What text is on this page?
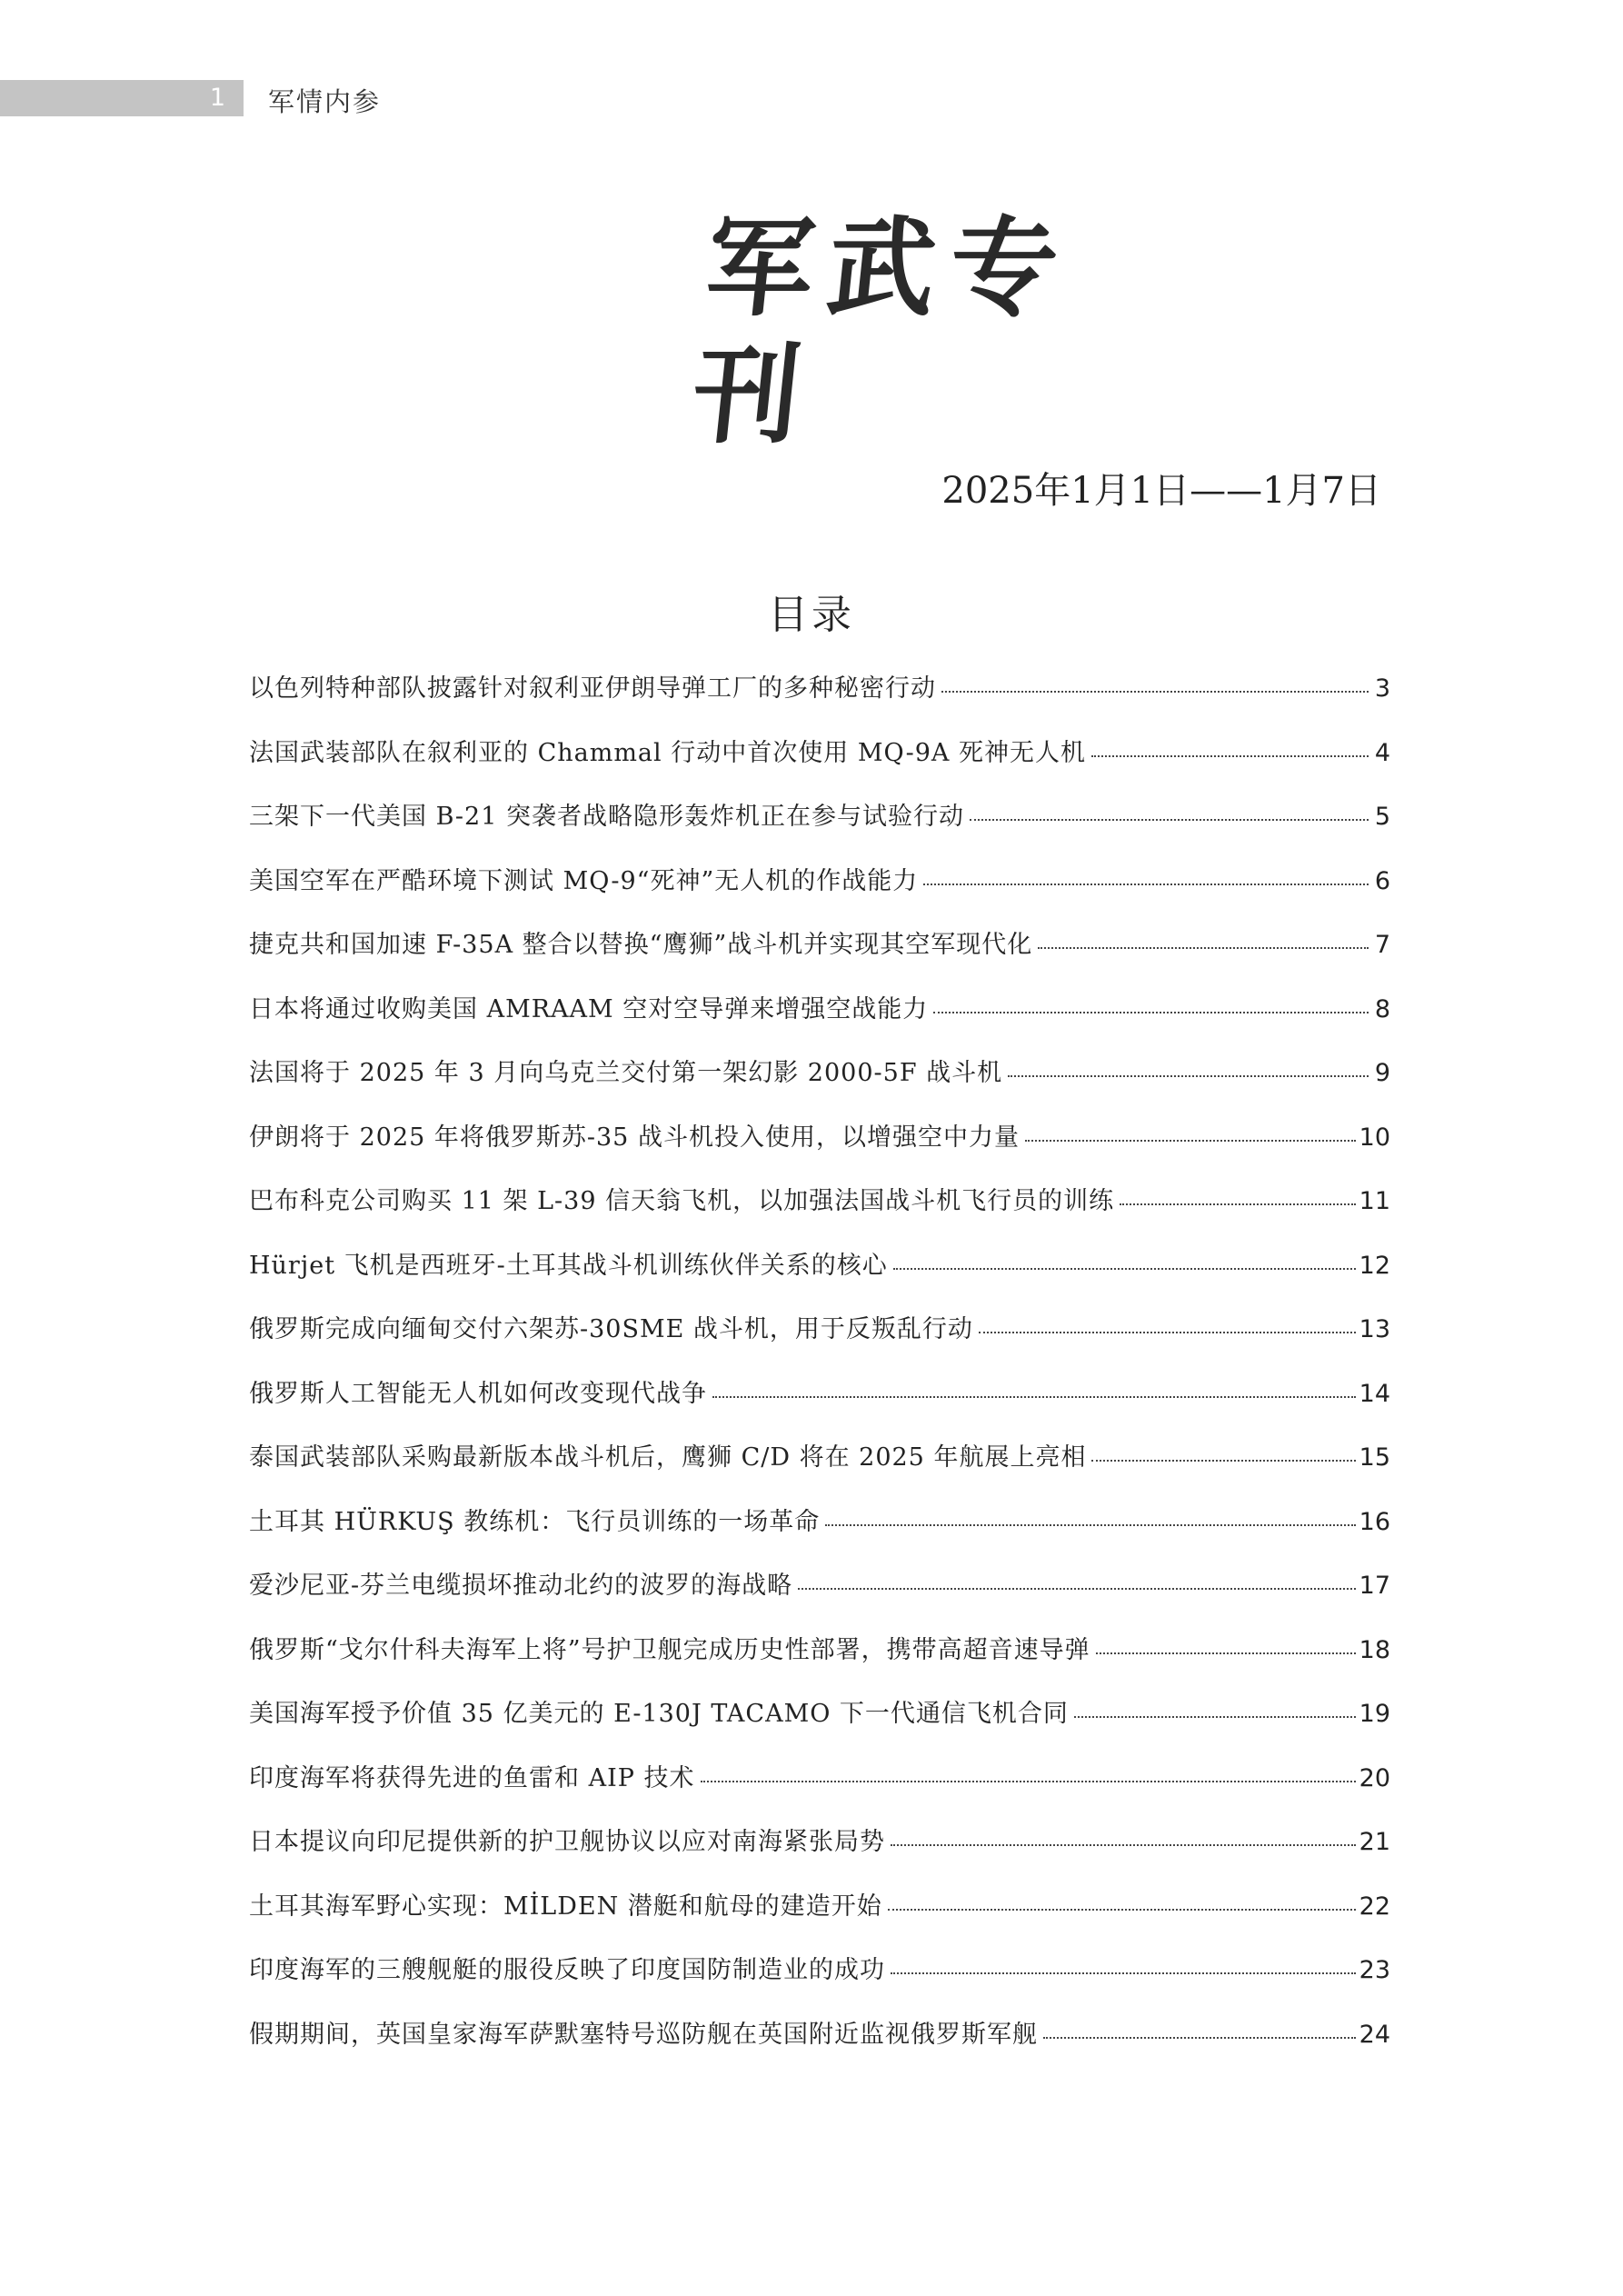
1 军情内参
军武专刊
2025年1月1日——1月7日
目录
以色列特种部队披露针对叙利亚伊朗导弹工厂的多种秘密行动	3
法国武装部队在叙利亚的 Chammal 行动中首次使用 MQ-9A 死神无人机	4
三架下一代美国 B-21 突袭者战略隐形轰炸机正在参与试验行动	5
美国空军在严酷环境下测试 MQ-9“死神”无人机的作战能力	6
捷克共和国加速 F-35A 整合以替换“鹰狮”战斗机并实现其空军现代化	7
日本将通过收购美国 AMRAAM 空对空导弹来增强空战能力	8
法国将于 2025 年 3 月向乌克兰交付第一架幻影 2000-5F 战斗机	9
伊朗将于 2025 年将俄罗斯苏-35 战斗机投入使用，以增强空中力量	10
巴布科克公司购买 11 架 L-39 信天翁飞机，以加强法国战斗机飞行员的训练	11
Hürjet 飞机是西班牙-土耳其战斗机训练伙伴关系的核心	12
俄罗斯完成向缅甸交付六架苏-30SME 战斗机，用于反叛乱行动	13
俄罗斯人工智能无人机如何改变现代战争	14
泰国武装部队采购最新版本战斗机后，鹰狮 C/D 将在 2025 年航展上亮相	15
土耳其 HÜRKUŞ 教练机：飞行员训练的一场革命	16
爱沙尼亚-芬兰电缆损坏推动北约的波罗的海战略	17
俄罗斯“戈尔什科夫海军上将”号护卫舰完成历史性部署，携带高超音速导弹	18
美国海军授予价值 35 亿美元的 E-130J TACAMO 下一代通信飞机合同	19
印度海军将获得先进的鱼雷和 AIP 技术	20
日本提议向印尼提供新的护卫舰协议以应对南海紧张局势	21
土耳其海军野心实现：MİLDEN 潜艇和航母的建造开始	22
印度海军的三艘舰艇的服役反映了印度国防制造业的成功	23
假期期间，英国皇家海军萨默塞特号巡防舰在英国附近监视俄罗斯军舰	24
